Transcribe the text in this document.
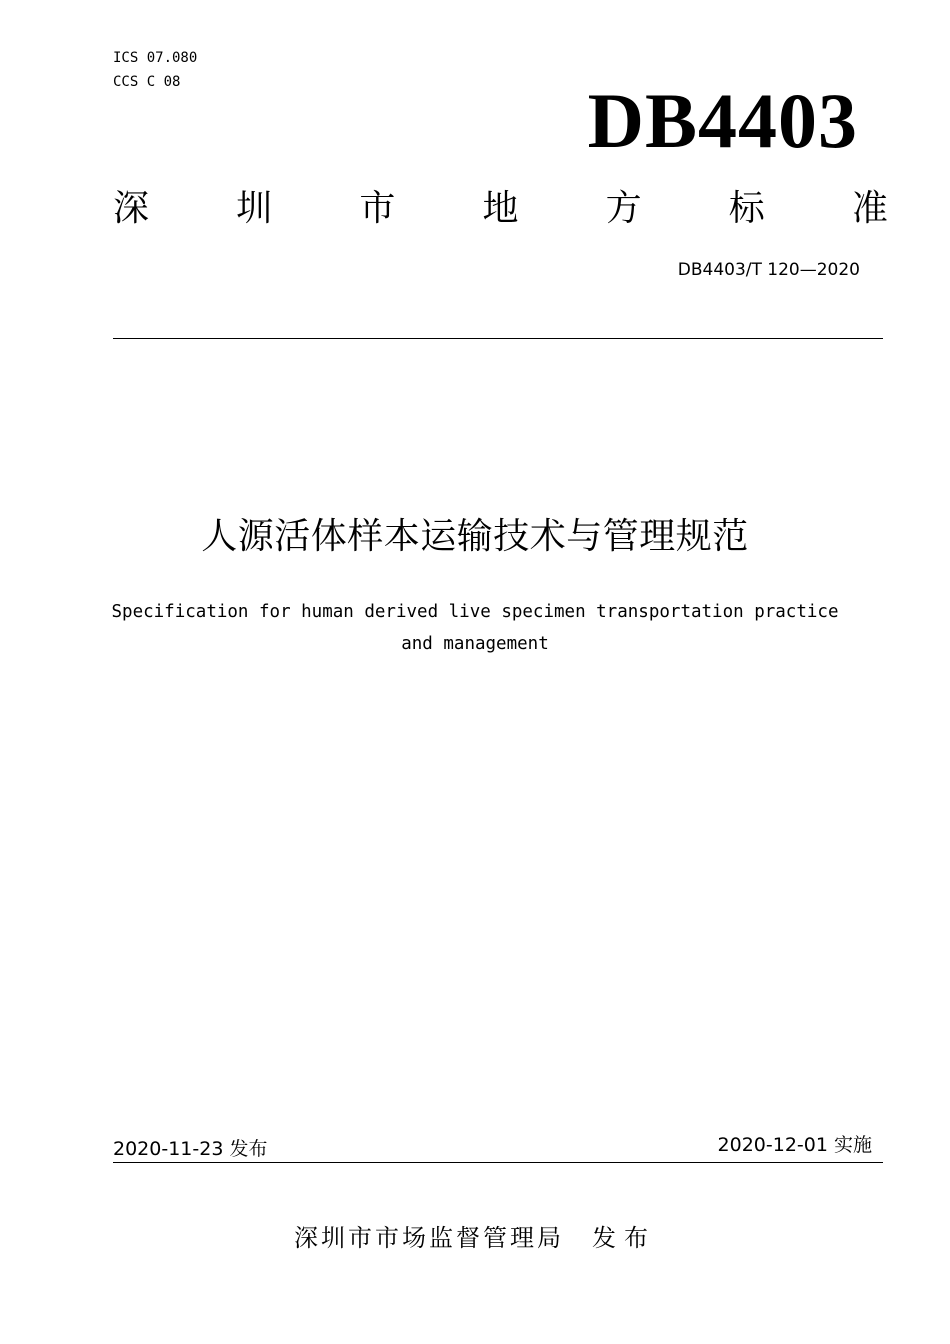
ICS 07.080
CCS C 08	DB4403
深 圳 市 地 方 标 准
DB4403/T 120—2020
人源活体样本运输技术与管理规范
Specification for human derived live specimen transportation practice
and management
2020-11-23 发布	2020-12-01 实施
深圳市市场监督管理局 发布
